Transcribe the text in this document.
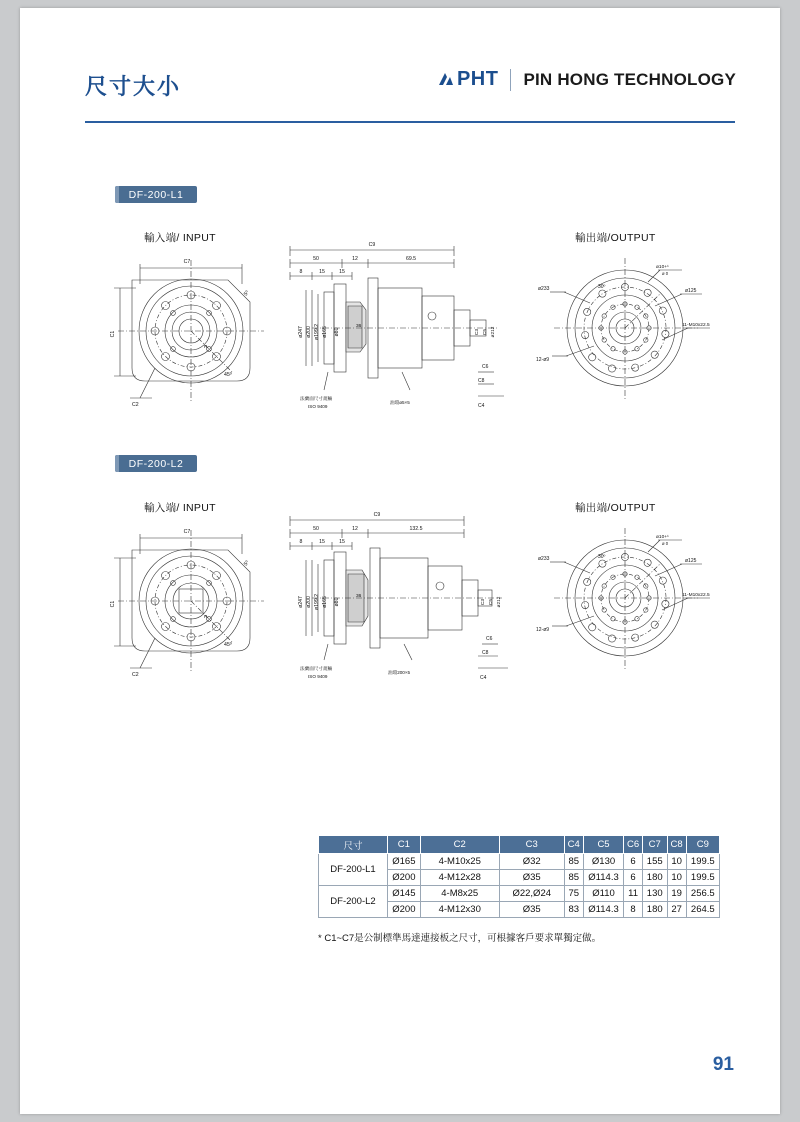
尺寸大小	PHT PIN HONG TECHNOLOGY
DF-200-L1
輸入端/ INPUT	輸出端/OUTPUT
C7
C1
C2
5º
45º
R
C9
50	12	69.5
8	15	15
ø247 ø200 ø199.2 ø165 ø80
36
C3 C5 ø212
C6
C8
C4
法蘭面尺寸規輛
ISO 9409
油環ø5×5
ø233
12-ø9
ø10+¹
ø 0
ø125
11-M10x22.5
30º
DF-200-L2
輸入端/ INPUT	輸出端/OUTPUT
C7
C1
C2
5º
45º
R
C9
50	12	132.5
8	15	15
ø247 ø200 ø199.2 ø165 ø80
36
C3 C5 ø212
C6
C8
C4
法蘭面尺寸規輛
ISO 9409
油環200×5
ø233
12-ø9
ø10+¹
ø 0
ø125
11-M10x22.5
30º
尺寸	C1	C2	C3	C4	C5	C6	C7	C8	C9
DF-200-L1	Ø165	4-M10x25	Ø32	85	Ø130	6	155	10	199.5
	Ø200	4-M12x28	Ø35	85	Ø114.3	6	180	10	199.5
DF-200-L2	Ø145	4-M8x25	Ø22,Ø24	75	Ø110	11	130	19	256.5
	Ø200	4-M12x30	Ø35	83	Ø114.3	8	180	27	264.5
* C1~C7是公制標準馬達連接板之尺寸，可根據客戶要求單獨定做。
91
